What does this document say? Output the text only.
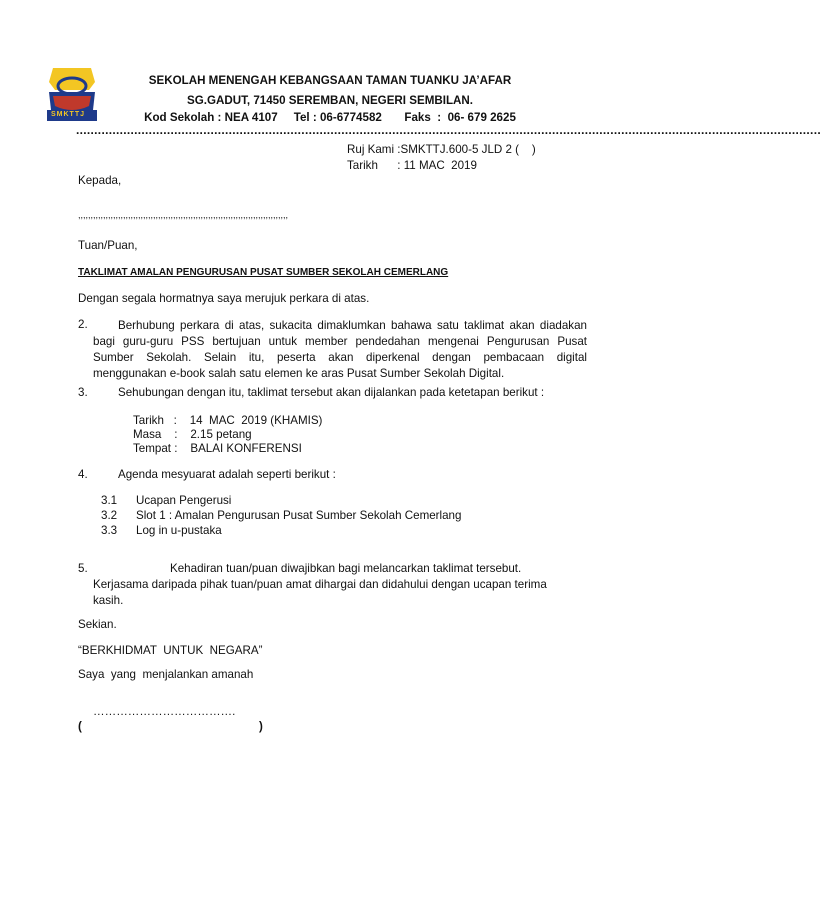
SMKTTJ
SEKOLAH MENENGAH KEBANGSAAN TAMAN TUANKU JA’AFAR
SG.GADUT, 71450 SEREMBAN, NEGERI SEMBILAN.
Kod Sekolah : NEA 4107     Tel : 06-6774582       Faks  :  06- 679 2625
.............................................................................................................................................................................................................
Ruj Kami :SMKTTJ.600-5 JLD 2 (    )
Tarikh      : 11 MAC  2019
Kepada,
,,,,,,,,,,,,,,,,,,,,,,,,,,,,,,,,,,,,,,,,,,,,,,,,,,,,,,,,,,,,,,,,,,,,,,,,,,,,,,,,,,,,
Tuan/Puan,
TAKLIMAT AMALAN PENGURUSAN PUSAT SUMBER SEKOLAH CEMERLANG
Dengan segala hormatnya saya merujuk perkara di atas.
2.	Berhubung perkara di atas, sukacita dimaklumkan bahawa satu taklimat akan diadakan
bagi guru-guru PSS bertujuan untuk member pendedahan mengenai Pengurusan Pusat
Sumber Sekolah. Selain itu, peserta akan diperkenal dengan pembacaan digital
menggunakan e-book salah satu elemen ke aras Pusat Sumber Sekolah Digital.
3.	Sehubungan dengan itu, taklimat tersebut akan dijalankan pada ketetapan berikut :
Tarikh   :    14  MAC  2019 (KHAMIS)
Masa    :    2.15 petang
Tempat :    BALAI KONFERENSI
4.	Agenda mesyuarat adalah seperti berikut :
3.1 Ucapan Pengerusi
3.2 Slot 1 : Amalan Pengurusan Pusat Sumber Sekolah Cemerlang
3.3 Log in u-pustaka
5.	Kehadiran tuan/puan diwajibkan bagi melancarkan taklimat tersebut.
Kerjasama daripada pihak tuan/puan amat dihargai dan didahului dengan ucapan terima
kasih.
Sekian.
“BERKHIDMAT  UNTUK  NEGARA”
Saya  yang  menjalankan amanah
……………………………….
(	)
